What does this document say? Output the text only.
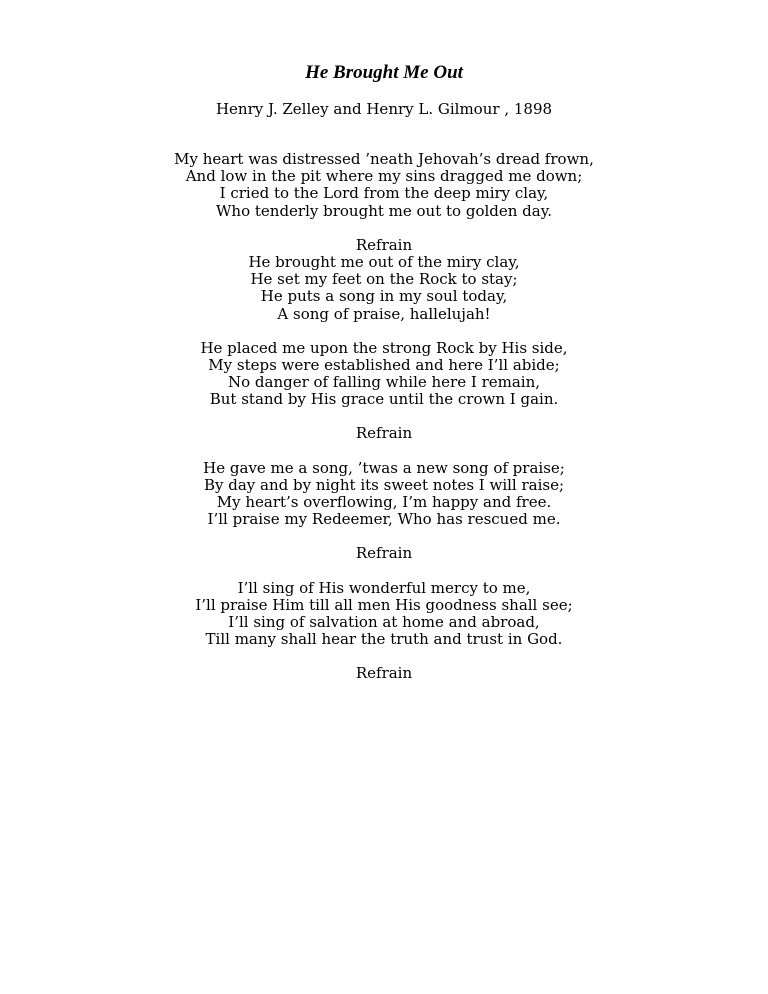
He Brought Me Out
Henry J. Zelley and Henry L. Gilmour , 1898
My heart was distressed ’neath Jehovah’s dread frown,
And low in the pit where my sins dragged me down;
I cried to the Lord from the deep miry clay,
Who tenderly brought me out to golden day.
Refrain
He brought me out of the miry clay,
He set my feet on the Rock to stay;
He puts a song in my soul today,
A song of praise, hallelujah!
He placed me upon the strong Rock by His side,
My steps were established and here I’ll abide;
No danger of falling while here I remain,
But stand by His grace until the crown I gain.
Refrain
He gave me a song, ’twas a new song of praise;
By day and by night its sweet notes I will raise;
My heart’s overflowing, I’m happy and free.
I’ll praise my Redeemer, Who has rescued me.
Refrain
I’ll sing of His wonderful mercy to me,
I’ll praise Him till all men His goodness shall see;
I’ll sing of salvation at home and abroad,
Till many shall hear the truth and trust in God.
Refrain
